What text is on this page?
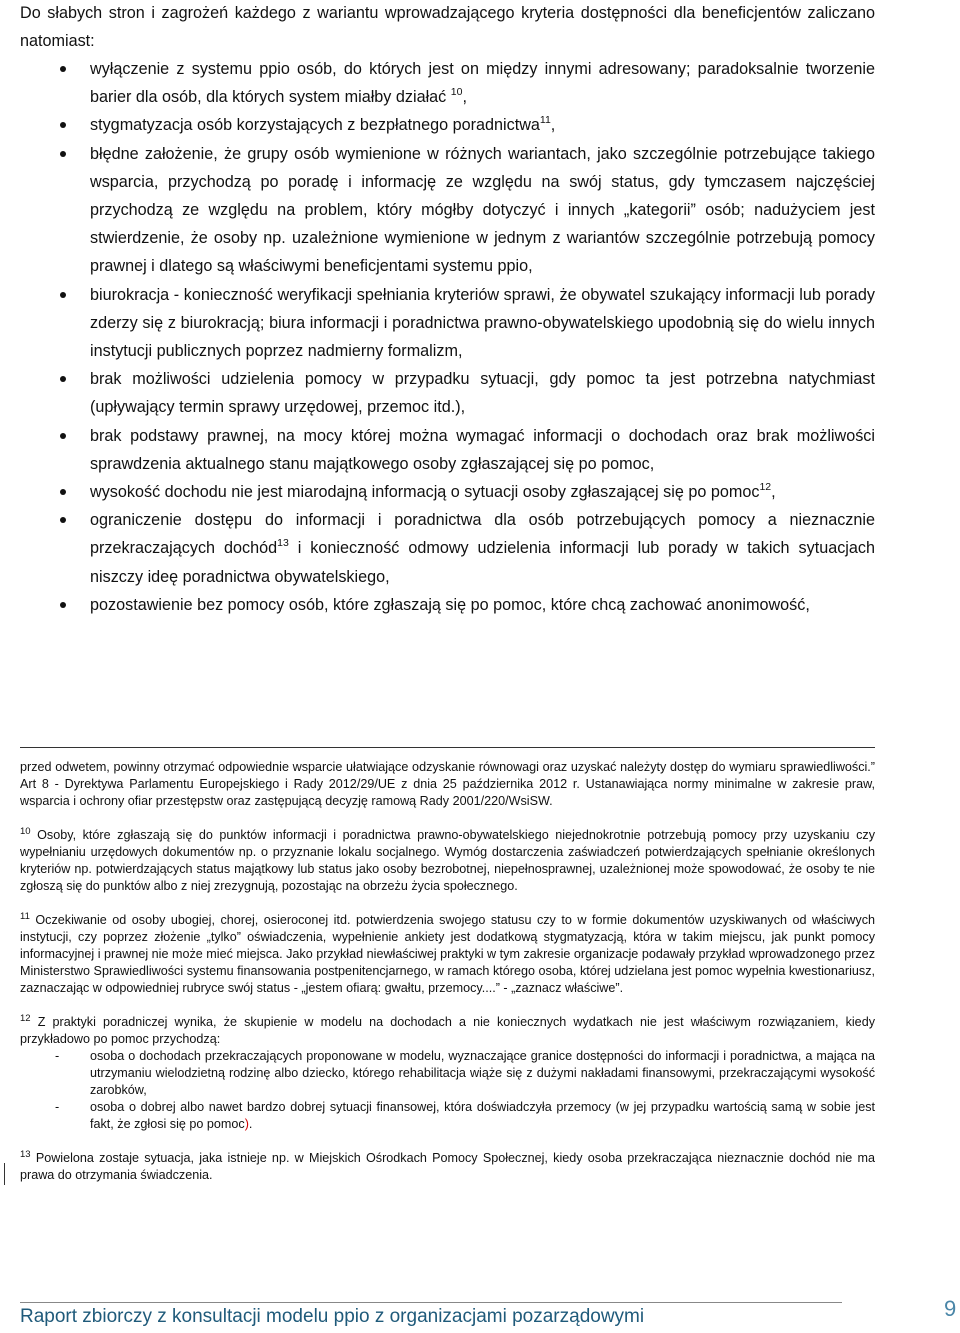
Do słabych stron i zagrożeń każdego z wariantu wprowadzającego kryteria dostępności dla beneficjentów zaliczano natomiast:

wyłączenie z systemu ppio osób, do których jest on między innymi adresowany; paradoksalnie tworzenie barier dla osób, dla których system miałby działać $^{10}$,
stygmatyzacja osób korzystających z bezpłatnego poradnictwa$^{11}$,
błędne założenie, że grupy osób wymienione w różnych wariantach, jako szczególnie potrzebujące takiego wsparcia, przychodzą po poradę i informację ze względu na swój status, gdy tymczasem najczęściej przychodzą ze względu na problem, który mógłby dotyczyć i innych „kategorii” osób; nadużyciem jest stwierdzenie, że osoby np. uzależnione wymienione w jednym z wariantów szczególnie potrzebują pomocy prawnej i dlatego są właściwymi beneficjentami systemu ppio,
biurokracja - konieczność weryfikacji spełniania kryteriów sprawi, że obywatel szukający informacji lub porady zderzy się z biurokracją; biura informacji i poradnictwa prawno-obywatelskiego upodobnią się do wielu innych instytucji publicznych poprzez nadmierny formalizm,
brak możliwości udzielenia pomocy w przypadku sytuacji, gdy pomoc ta jest potrzebna natychmiast (upływający termin sprawy urzędowej, przemoc itd.),
brak podstawy prawnej, na mocy której można wymagać informacji o dochodach oraz brak możliwości sprawdzenia aktualnego stanu majątkowego osoby zgłaszającej się po pomoc,
wysokość dochodu nie jest miarodajną informacją o sytuacji osoby zgłaszającej się po pomoc$^{12}$,
ograniczenie dostępu do informacji i poradnictwa dla osób potrzebujących pomocy a nieznacznie przekraczających dochód$^{13}$ i konieczność odmowy udzielenia informacji lub porady w takich sytuacjach niszczy ideę poradnictwa obywatelskiego,
pozostawienie bez pomocy osób, które zgłaszają się po pomoc, które chcą zachować anonimowość,

przed odwetem, powinny otrzymać odpowiednie wsparcie ułatwiające odzyskanie równowagi oraz uzyskać należyty dostęp do wymiaru sprawiedliwości.” Art 8 - Dyrektywa Parlamentu Europejskiego i Rady 2012/29/UE z dnia 25 października 2012 r. Ustanawiająca normy minimalne w zakresie praw, wsparcia i ochrony ofiar przestępstw oraz zastępującą decyzję ramową Rady 2001/220/WsiSW.

$^{10}$ Osoby, które zgłaszają się do punktów informacji i poradnictwa prawno-obywatelskiego niejednokrotnie potrzebują pomocy przy uzyskaniu czy wypełnianiu urzędowych dokumentów np. o przyznanie lokalu socjalnego. Wymóg dostarczenia zaświadczeń potwierdzających spełnianie określonych kryteriów np. potwierdzających status majątkowy lub status jako osoby bezrobotnej, niepełnosprawnej, uzależnionej może spowodować, że osoby te nie zgłoszą się do punktów albo z niej zrezygnują, pozostając na obrzeżu życia społecznego.

$^{11}$ Oczekiwanie od osoby ubogiej, chorej, osieroconej itd. potwierdzenia swojego statusu czy to w formie dokumentów uzyskiwanych od właściwych instytucji, czy poprzez złożenie „tylko” oświadczenia, wypełnienie ankiety jest dodatkową stygmatyzacją, która w takim miejscu, jak punkt pomocy informacyjnej i prawnej nie może mieć miejsca. Jako przykład niewłaściwej praktyki w tym zakresie organizacje podawały przykład wprowadzonego przez Ministerstwo Sprawiedliwości systemu finansowania postpenitencjarnego, w ramach którego osoba, której udzielana jest pomoc wypełnia kwestionariusz, zaznaczając w odpowiedniej rubryce swój status - „jestem ofiarą: gwałtu, przemocy....” - „zaznacz właściwe”.

$^{12}$ Z praktyki poradniczej wynika, że skupienie w modelu na dochodach a nie koniecznych wydatkach nie jest właściwym rozwiązaniem, kiedy przykładowo po pomoc przychodzą:
- osoba o dochodach przekraczających proponowane w modelu, wyznaczające granice dostępności do informacji i poradnictwa, a mająca na utrzymaniu wielodzietną rodzinę albo dziecko, którego rehabilitacja wiąże się z dużymi nakładami finansowymi, przekraczającymi wysokość zarobków,
- osoba o dobrej albo nawet bardzo dobrej sytuacji finansowej, która doświadczyła przemocy (w jej przypadku wartością samą w sobie jest fakt, że zgłosi się po pomoc).

$^{13}$ Powielona zostaje sytuacja, jaka istnieje np. w Miejskich Ośrodkach Pomocy Społecznej, kiedy osoba przekraczająca nieznacznie dochód nie ma prawa do otrzymania świadczenia.

Raport zbiorczy z konsultacji modelu ppio z organizacjami pozarządowymi	9
